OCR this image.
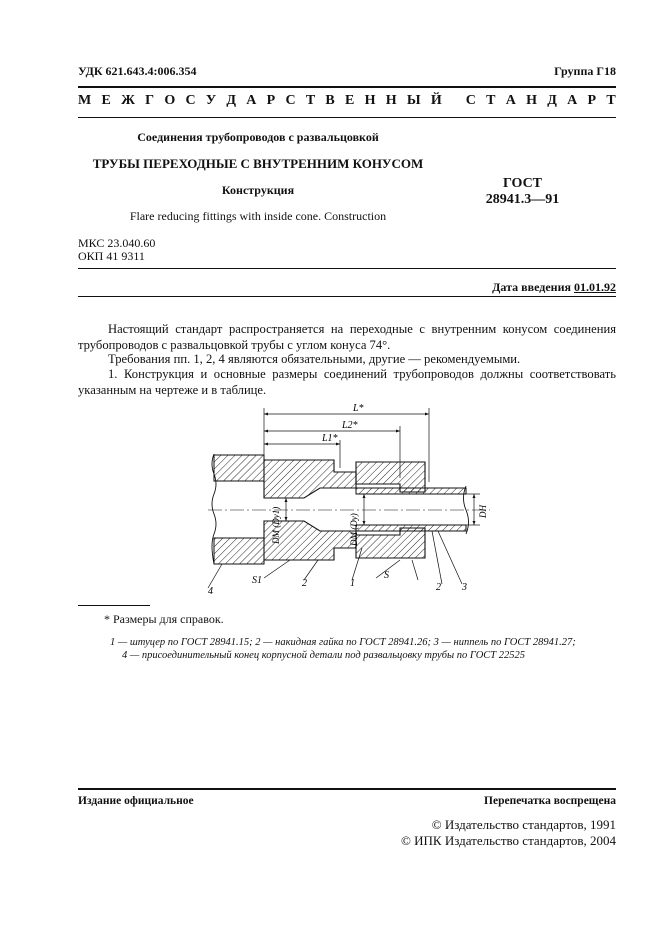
УДК 621.643.4:006.354	Группа Г18
М Е Ж Г О С У Д А Р С Т В Е Н Н Ы Й
С Т А Н Д А Р Т
Соединения трубопроводов с развальцовкой
ТРУБЫ ПЕРЕХОДНЫЕ С ВНУТРЕННИМ КОНУСОМ
Конструкция	ГОСТ
28941.3—91
Flare reducing fittings with inside cone. Construction
МКС 23.040.60
ОКП 41 9311
Дата введения 01.01.92

Настоящий стандарт распространяется на переходные с внутренним конусом соединения трубопроводов с развальцовкой трубы с углом конуса 74°.

Требования пп. 1, 2, 4 являются обязательными, другие — рекомендуемыми.

1. Конструкция и основные размеры соединений трубопроводов должны соответствовать указанным на чертеже и в таблице.

L*
L2*
L1*
DM (Dy1)	DM (Dy)
DH
4
S1	2	1
S
2 3
* Размеры для справок.
1 — штуцер по ГОСТ 28941.15; 2 — накидная гайка по ГОСТ 28941.26; 3 — ниппель по ГОСТ 28941.27;
4 — присоединительный конец корпусной детали под развальцовку трубы по ГОСТ 22525
Издание официальное	Перепечатка воспрещена
© Издательство стандартов, 1991
© ИПК Издательство стандартов, 2004
